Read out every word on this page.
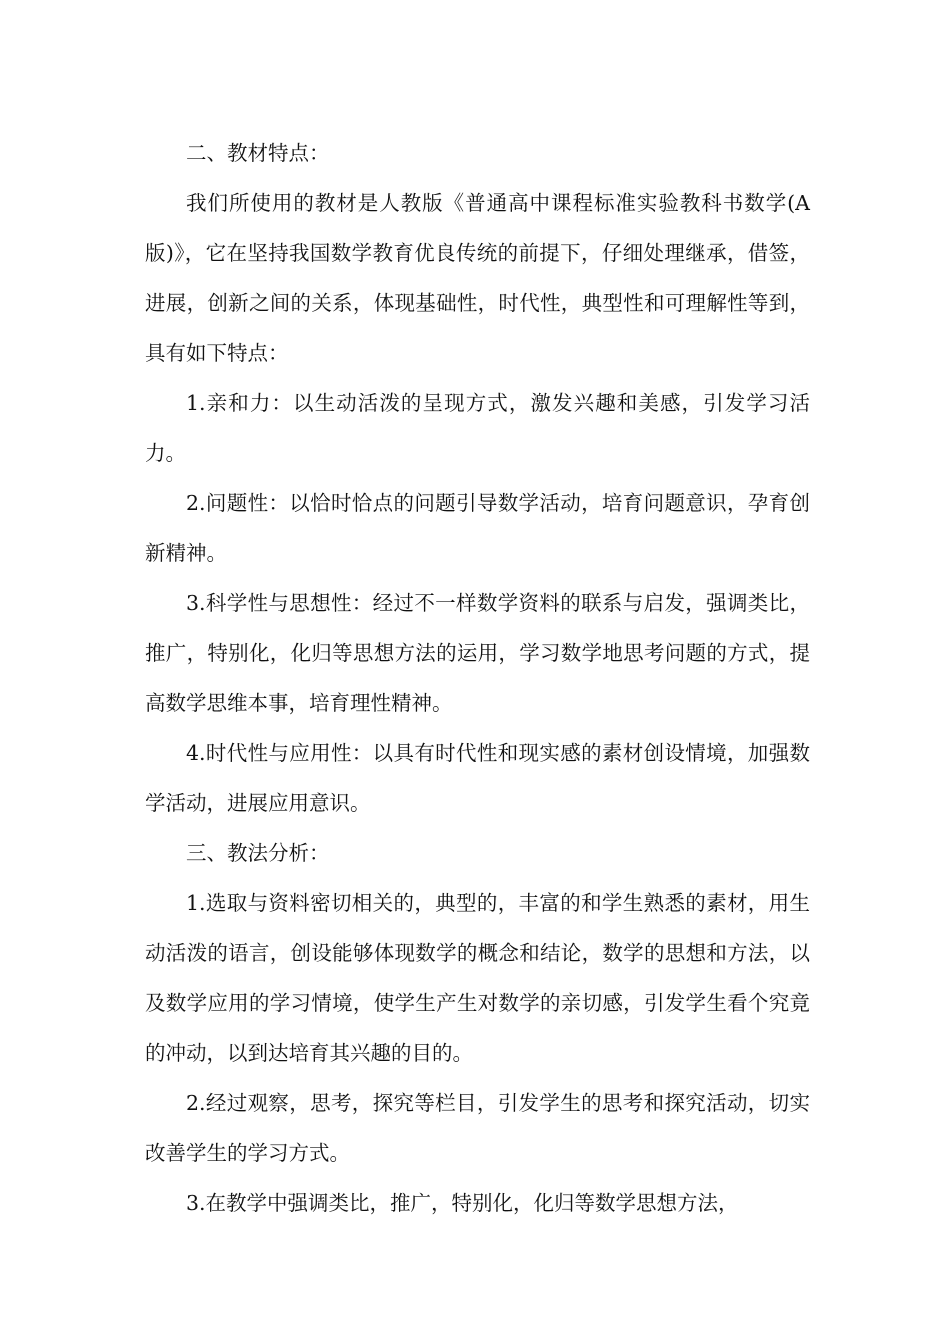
二、教材特点：

我们所使用的教材是人教版《普通高中课程标准实验教科书数学(A版)》，它在坚持我国数学教育优良传统的前提下，仔细处理继承，借签，进展，创新之间的关系，体现基础性，时代性，典型性和可理解性等到，具有如下特点：

1.亲和力：以生动活泼的呈现方式，激发兴趣和美感，引发学习活力。

2.问题性：以恰时恰点的问题引导数学活动，培育问题意识，孕育创新精神。

3.科学性与思想性：经过不一样数学资料的联系与启发，强调类比，推广，特别化，化归等思想方法的运用，学习数学地思考问题的方式，提高数学思维本事，培育理性精神。

4.时代性与应用性：以具有时代性和现实感的素材创设情境，加强数学活动，进展应用意识。

三、教法分析：

1.选取与资料密切相关的，典型的，丰富的和学生熟悉的素材，用生动活泼的语言，创设能够体现数学的概念和结论，数学的思想和方法，以及数学应用的学习情境，使学生产生对数学的亲切感，引发学生看个究竟的冲动，以到达培育其兴趣的目的。

2.经过观察，思考，探究等栏目，引发学生的思考和探究活动，切实改善学生的学习方式。

3.在教学中强调类比，推广，特别化，化归等数学思想方法，
